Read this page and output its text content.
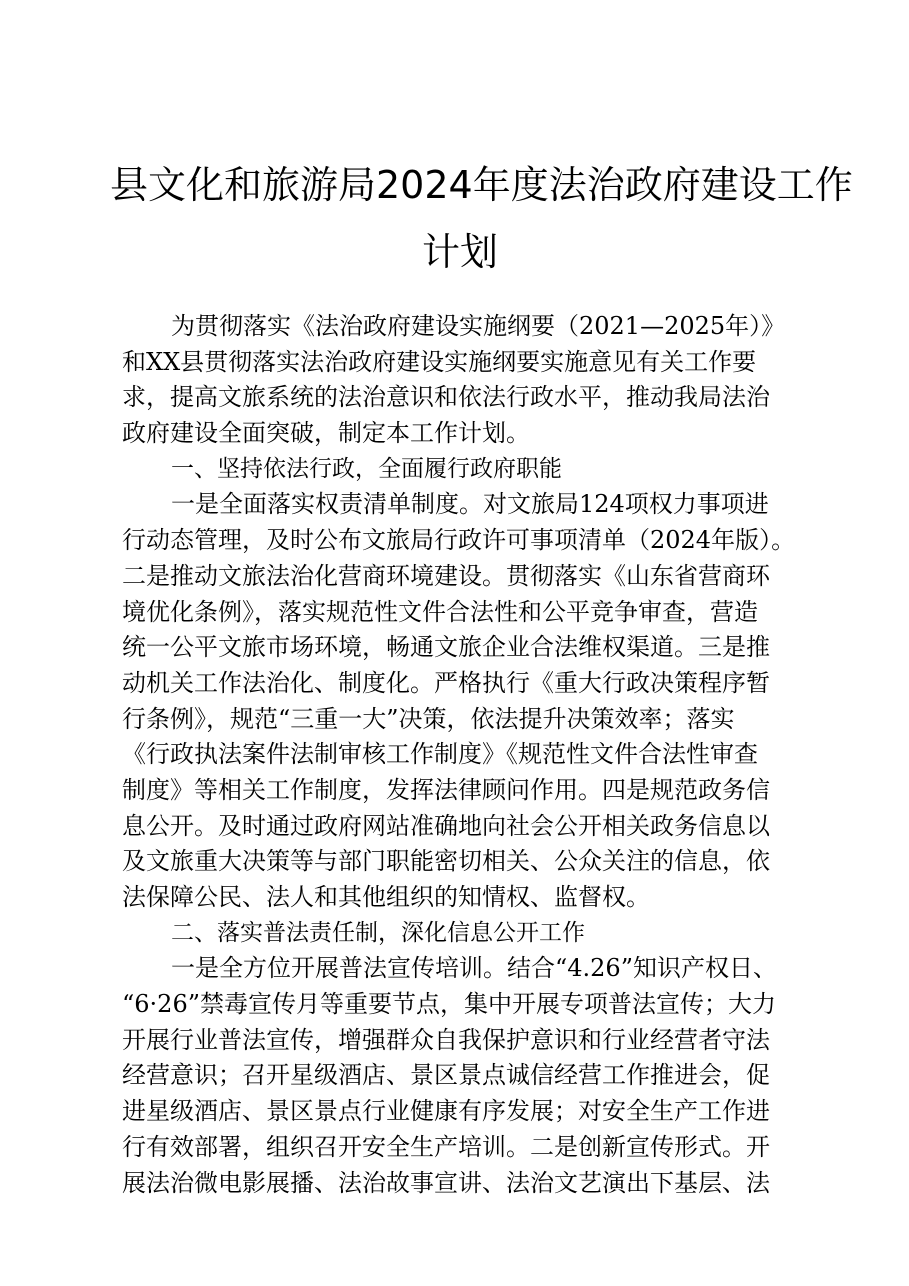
县文化和旅游局2024年度法治政府建设工作
计划
为贯彻落实《法治政府建设实施纲要（2021—2025年）》
和XX县贯彻落实法治政府建设实施纲要实施意见有关工作要
求，提高文旅系统的法治意识和依法行政水平，推动我局法治
政府建设全面突破，制定本工作计划。
一、坚持依法行政，全面履行政府职能
一是全面落实权责清单制度。对文旅局124项权力事项进
行动态管理，及时公布文旅局行政许可事项清单（2024年版）。
二是推动文旅法治化营商环境建设。贯彻落实《山东省营商环
境优化条例》，落实规范性文件合法性和公平竞争审查，营造
统一公平文旅市场环境，畅通文旅企业合法维权渠道。三是推
动机关工作法治化、制度化。严格执行《重大行政决策程序暂
行条例》，规范“三重一大”决策，依法提升决策效率；落实
《行政执法案件法制审核工作制度》《规范性文件合法性审查
制度》等相关工作制度，发挥法律顾问作用。四是规范政务信
息公开。及时通过政府网站准确地向社会公开相关政务信息以
及文旅重大决策等与部门职能密切相关、公众关注的信息，依
法保障公民、法人和其他组织的知情权、监督权。
二、落实普法责任制，深化信息公开工作
一是全方位开展普法宣传培训。结合“4.26”知识产权日、
“6·26”禁毒宣传月等重要节点，集中开展专项普法宣传；大力
开展行业普法宣传，增强群众自我保护意识和行业经营者守法
经营意识；召开星级酒店、景区景点诚信经营工作推进会，促
进星级酒店、景区景点行业健康有序发展；对安全生产工作进
行有效部署，组织召开安全生产培训。二是创新宣传形式。开
展法治微电影展播、法治故事宣讲、法治文艺演出下基层、法
